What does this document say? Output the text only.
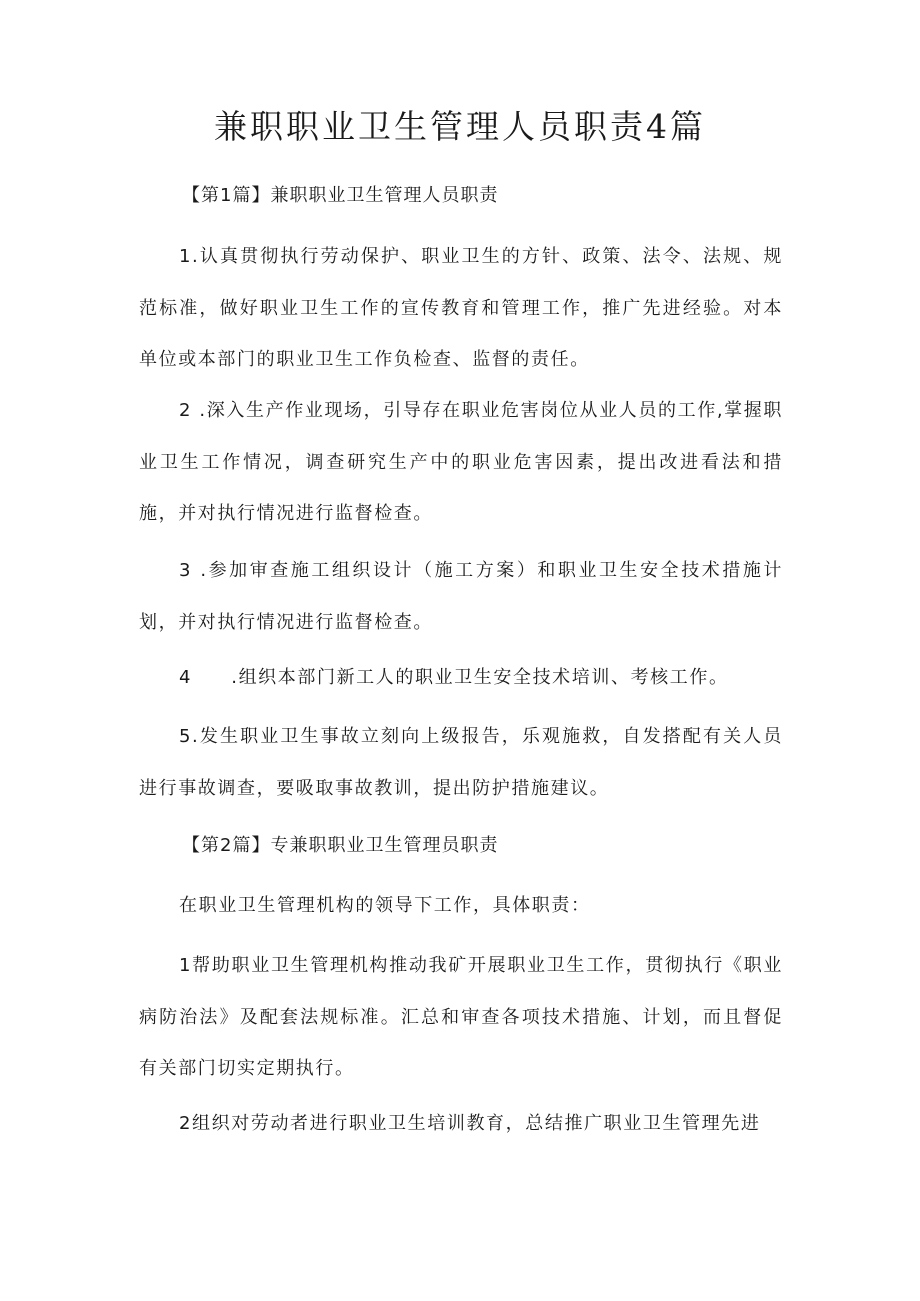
兼职职业卫生管理人员职责4篇
【第1篇】兼职职业卫生管理人员职责

1.认真贯彻执行劳动保护、职业卫生的方针、政策、法令、法规、规范标准，做好职业卫生工作的宣传教育和管理工作，推广先进经验。对本单位或本部门的职业卫生工作负检查、监督的责任。

2 .深入生产作业现场，引导存在职业危害岗位从业人员的工作,掌握职业卫生工作情况，调查研究生产中的职业危害因素，提出改进看法和措施，并对执行情况进行监督检查。

3 .参加审查施工组织设计（施工方案）和职业卫生安全技术措施计划，并对执行情况进行监督检查。

4　　.组织本部门新工人的职业卫生安全技术培训、考核工作。

5.发生职业卫生事故立刻向上级报告，乐观施救，自发搭配有关人员进行事故调查，要吸取事故教训，提出防护措施建议。

【第2篇】专兼职职业卫生管理员职责

在职业卫生管理机构的领导下工作，具体职责：

1帮助职业卫生管理机构推动我矿开展职业卫生工作，贯彻执行《职业病防治法》及配套法规标准。汇总和审查各项技术措施、计划，而且督促有关部门切实定期执行。

2组织对劳动者进行职业卫生培训教育，总结推广职业卫生管理先进
